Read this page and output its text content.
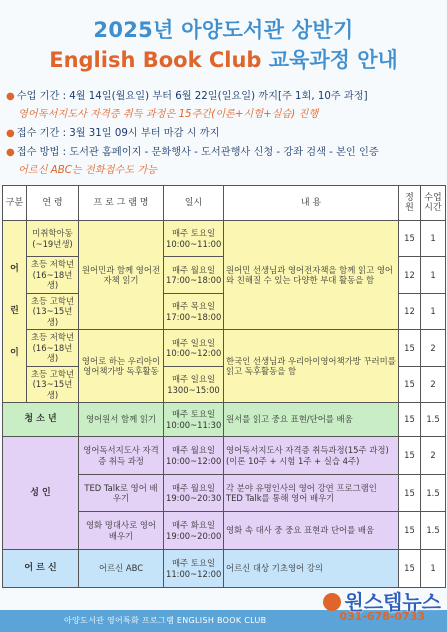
2025년 아양도서관 상반기
English Book Club 교육과정 안내
● 수업 기간 : 4월 14일(월요일) 부터 6월 22일(일요일) 까지[주 1회, 10주 과정]
영어독서지도사 자격증 취득 과정은 15주간(이론+시험+실습) 진행
● 접수 기간 : 3월 31일 09시 부터 마감 시 까지
● 접수 방법 : 도서관 홈페이지 - 문화행사 - 도서관행사 신청 - 강좌 검색 - 본인 인증
어르신 ABC는 전화접수도 가능
구분	연 령	프 로 그 램 명	일시	내 용	정원	수업시간
어

린

이	미취학아동(~19년생)	원어민과 함께 영어전자책 읽기	매주 토요일 10:00~11:00	원어민 선생님과 영어전자책을 함께 읽고 영어와 친해질 수 있는 다양한 부대 활동을 함	15	1
	초등 저학년(16~18년생)		매주 월요일 17:00~18:00		12	1
	초등 고학년(13~15년생)		매주 목요일 17:00~18:00		12	1
	초등 저학년(16~18년생)	영어로 하는 우리아이영어책가방 독후활동	매주 일요일 10:00~12:00	한국인 선생님과 우리아이영어책가방 꾸러미를 읽고 독후활동을 함	15	2
	초등 고학년(13~15년생)		매주 일요일 1300~15:00		15	2
청 소 년		영어원서 함께 읽기	매주 토요일 10:00~11:30	원서를 읽고 중요 표현/단어를 배움	15	1.5
성 인		영어독서지도사 자격증 취득 과정	매주 월요일 10:00~12:00	영어독서지도사 자격증 취득과정(15주 과정) (이론 10주 + 시험 1주 + 실습 4주)	15	2
		TED Talk로 영어 배우기	매주 월요일 19:00~20:30	각 분야 유명인사의 영어 강연 프로그램인 TED Talk를 통해 영어 배우기	15	1.5
		영화 명대사로 영어 배우기	매주 화요일 19:00~20:00	영화 속 대사 중 중요 표현과 단어를 배움	15	1.5
어 르 신		어르신 ABC	매주 토요일 11:00~12:00	어르신 대상 기초영어 강의	15	1
아양도서관 영어특화 프로그램 ENGLISH BOOK CLUB
원스텝뉴스
031-678-0733
